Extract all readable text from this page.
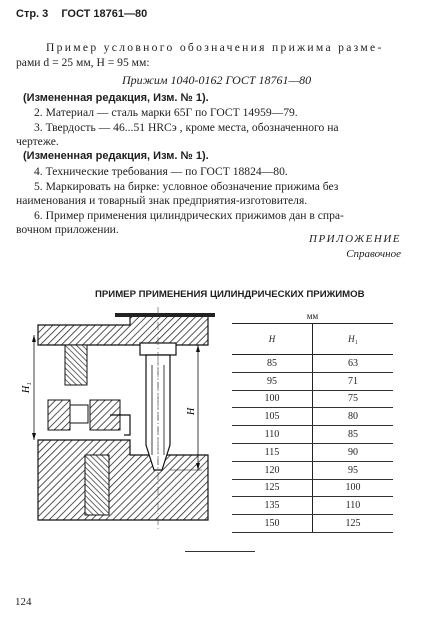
Стр. 3 ГОСТ 18761—80
Пример условного обозначения прижима разме-
рами d = 25 мм, H = 95 мм:
Прижим 1040-0162 ГОСТ 18761—80
(Измененная редакция, Изм. № 1).
2. Материал — сталь марки 65Г по ГОСТ 14959—79.
3. Твердость — 46...51 HRCэ , кроме места, обозначенного на
чертеже.
(Измененная редакция, Изм. № 1).
4. Технические требования — по ГОСТ 18824—80.
5. Маркировать на бирке: условное обозначение прижима без
наименования и товарный знак предприятия-изготовителя.
6. Пример применения цилиндрических прижимов дан в спра-
вочном приложении.
ПРИЛОЖЕНИЕ
Справочное
ПРИМЕР ПРИМЕНЕНИЯ ЦИЛИНДРИЧЕСКИХ ПРИЖИМОВ
H₁
H
мм	
H	H₁
85	63
95	71
100	75
105	80
110	85
115	90
120	95
125	100
135	110
150	125
124
